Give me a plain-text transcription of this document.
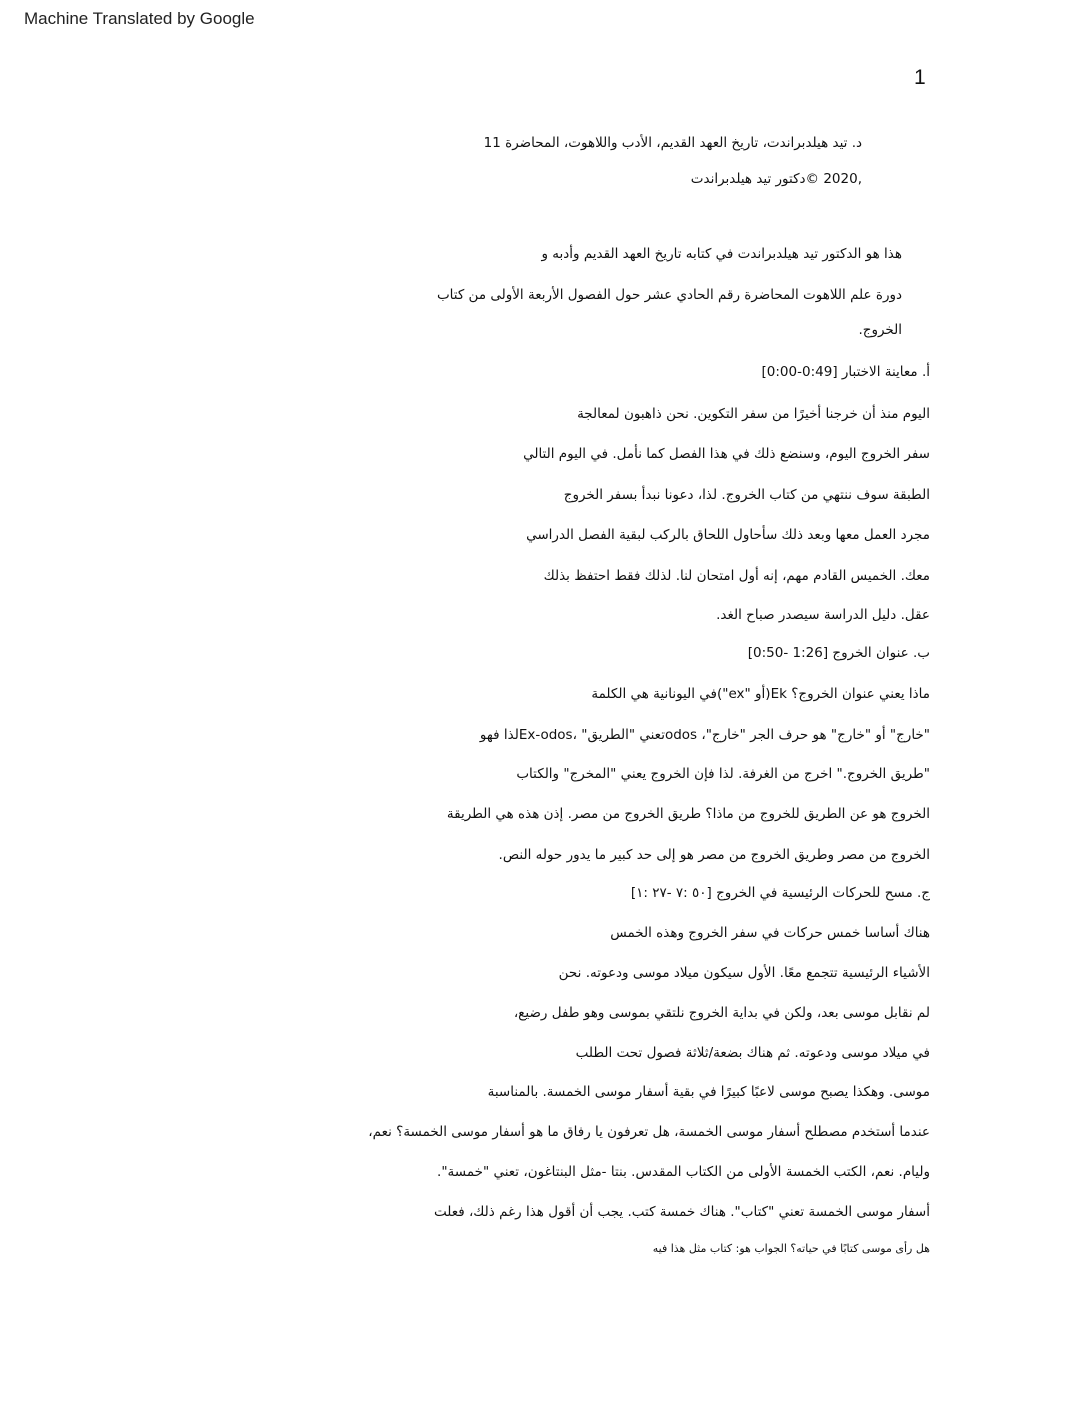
Machine Translated by Google
1
د. تيد هيلدبراندت، تاريخ العهد القديم، الأدب واللاهوت، المحاضرة 11
,2020 ©دكتور تيد هيلدبراندت
هذا هو الدكتور تيد هيلدبراندت في كتابه تاريخ العهد القديم وأدبه و
دورة علم اللاهوت المحاضرة رقم الحادي عشر حول الفصول الأربعة الأولى من كتاب
الخروج.
أ. معاينة الاختبار [0:49-0:00]
اليوم منذ أن خرجنا أخيرًا من سفر التكوين. نحن ذاهبون لمعالجة
سفر الخروج اليوم، وسنضع ذلك في هذا الفصل كما نأمل. في اليوم التالي
الطبقة سوف ننتهي من كتاب الخروج. لذا، دعونا نبدأ بسفر الخروج
مجرد العمل معها وبعد ذلك سأحاول اللحاق بالركب لبقية الفصل الدراسي
معك. الخميس القادم مهم، إنه أول امتحان لنا. لذلك فقط احتفظ بذلك
عقل. دليل الدراسة سيصدر صباح الغد.
ب. عنوان الخروج [1:26 -0:50]
ماذا يعني عنوان الخروج؟ Ek(أو "ex")في اليونانية هي الكلمة
"خارج" أو "خارج" هو حرف الجر "خارج"، odosتعني "الطريق" ،Ex-odosلذا فهو
"طريق الخروج." اخرج من الغرفة. لذا فإن الخروج يعني "المخرج" والكتاب
الخروج هو عن الطريق للخروج من ماذا؟ طريق الخروج من مصر. إذن هذه هي الطريقة
الخروج من مصر وطريق الخروج من مصر هو إلى حد كبير ما يدور حوله النص.
ج. مسح للحركات الرئيسية في الخروج [٥٠ :٧ -٢٧ :١]
هناك أساسا خمس حركات في سفر الخروج وهذه الخمس
الأشياء الرئيسية تتجمع معًا. الأول سيكون ميلاد موسى ودعوته. نحن
لم نقابل موسى بعد، ولكن في بداية الخروج نلتقي بموسى وهو طفل رضيع،
في ميلاد موسى ودعوته. ثم هناك بضعة/ثلاثة فصول تحت الطلب
موسى. وهكذا يصبح موسى لاعبًا كبيرًا في بقية أسفار موسى الخمسة. بالمناسبة
عندما أستخدم مصطلح أسفار موسى الخمسة، هل تعرفون يا رفاق ما هو أسفار موسى الخمسة؟ نعم،
وليام. نعم، الكتب الخمسة الأولى من الكتاب المقدس. بنتا -مثل البنتاغون، تعني "خمسة".
أسفار موسى الخمسة تعني "كتاب". هناك خمسة كتب. يجب أن أقول هذا رغم ذلك، فعلت
هل رأى موسى كتابًا في حياته؟ الجواب هو: كتاب مثل هذا فيه
